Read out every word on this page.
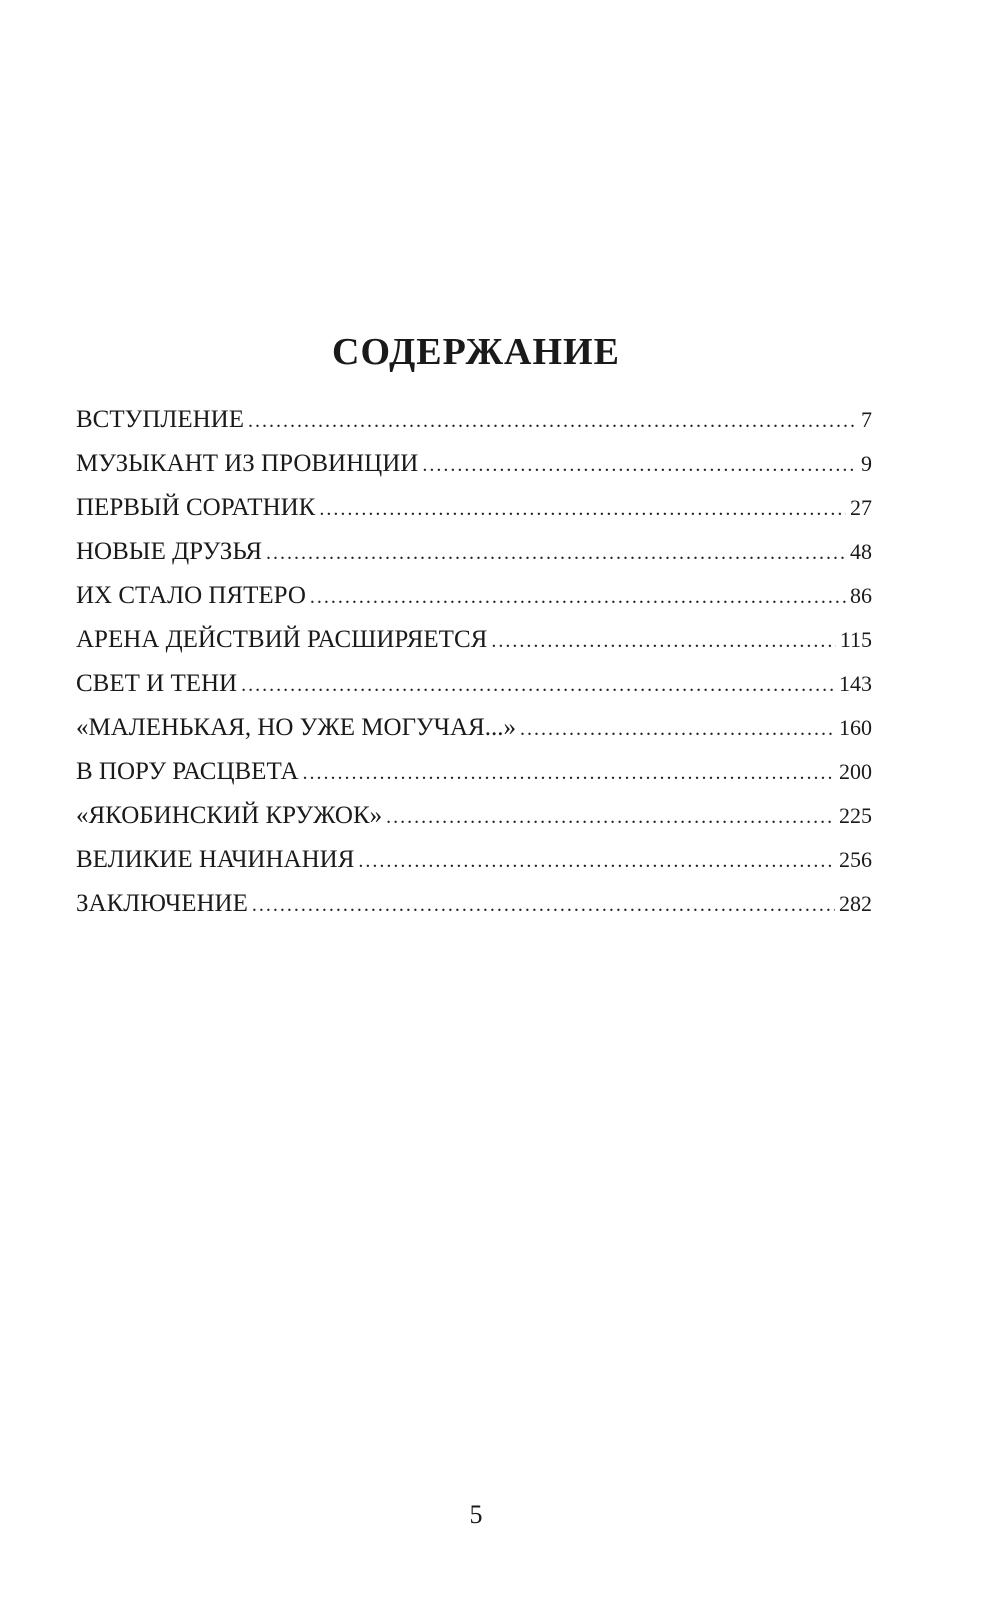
СОДЕРЖАНИЕ
ВСТУПЛЕНИЕ .....	7
МУЗЫКАНТ ИЗ ПРОВИНЦИИ .....	9
ПЕРВЫЙ СОРАТНИК .....	27
НОВЫЕ ДРУЗЬЯ .....	48
ИХ СТАЛО ПЯТЕРО .....	86
АРЕНА ДЕЙСТВИЙ РАСШИРЯЕТСЯ .....	115
СВЕТ И ТЕНИ .....	143
«МАЛЕНЬКАЯ, НО УЖЕ МОГУЧАЯ...» .....	160
В ПОРУ РАСЦВЕТА .....	200
«ЯКОБИНСКИЙ КРУЖОК» .....	225
ВЕЛИКИЕ НАЧИНАНИЯ .....	256
ЗАКЛЮЧЕНИЕ .....	282

5
